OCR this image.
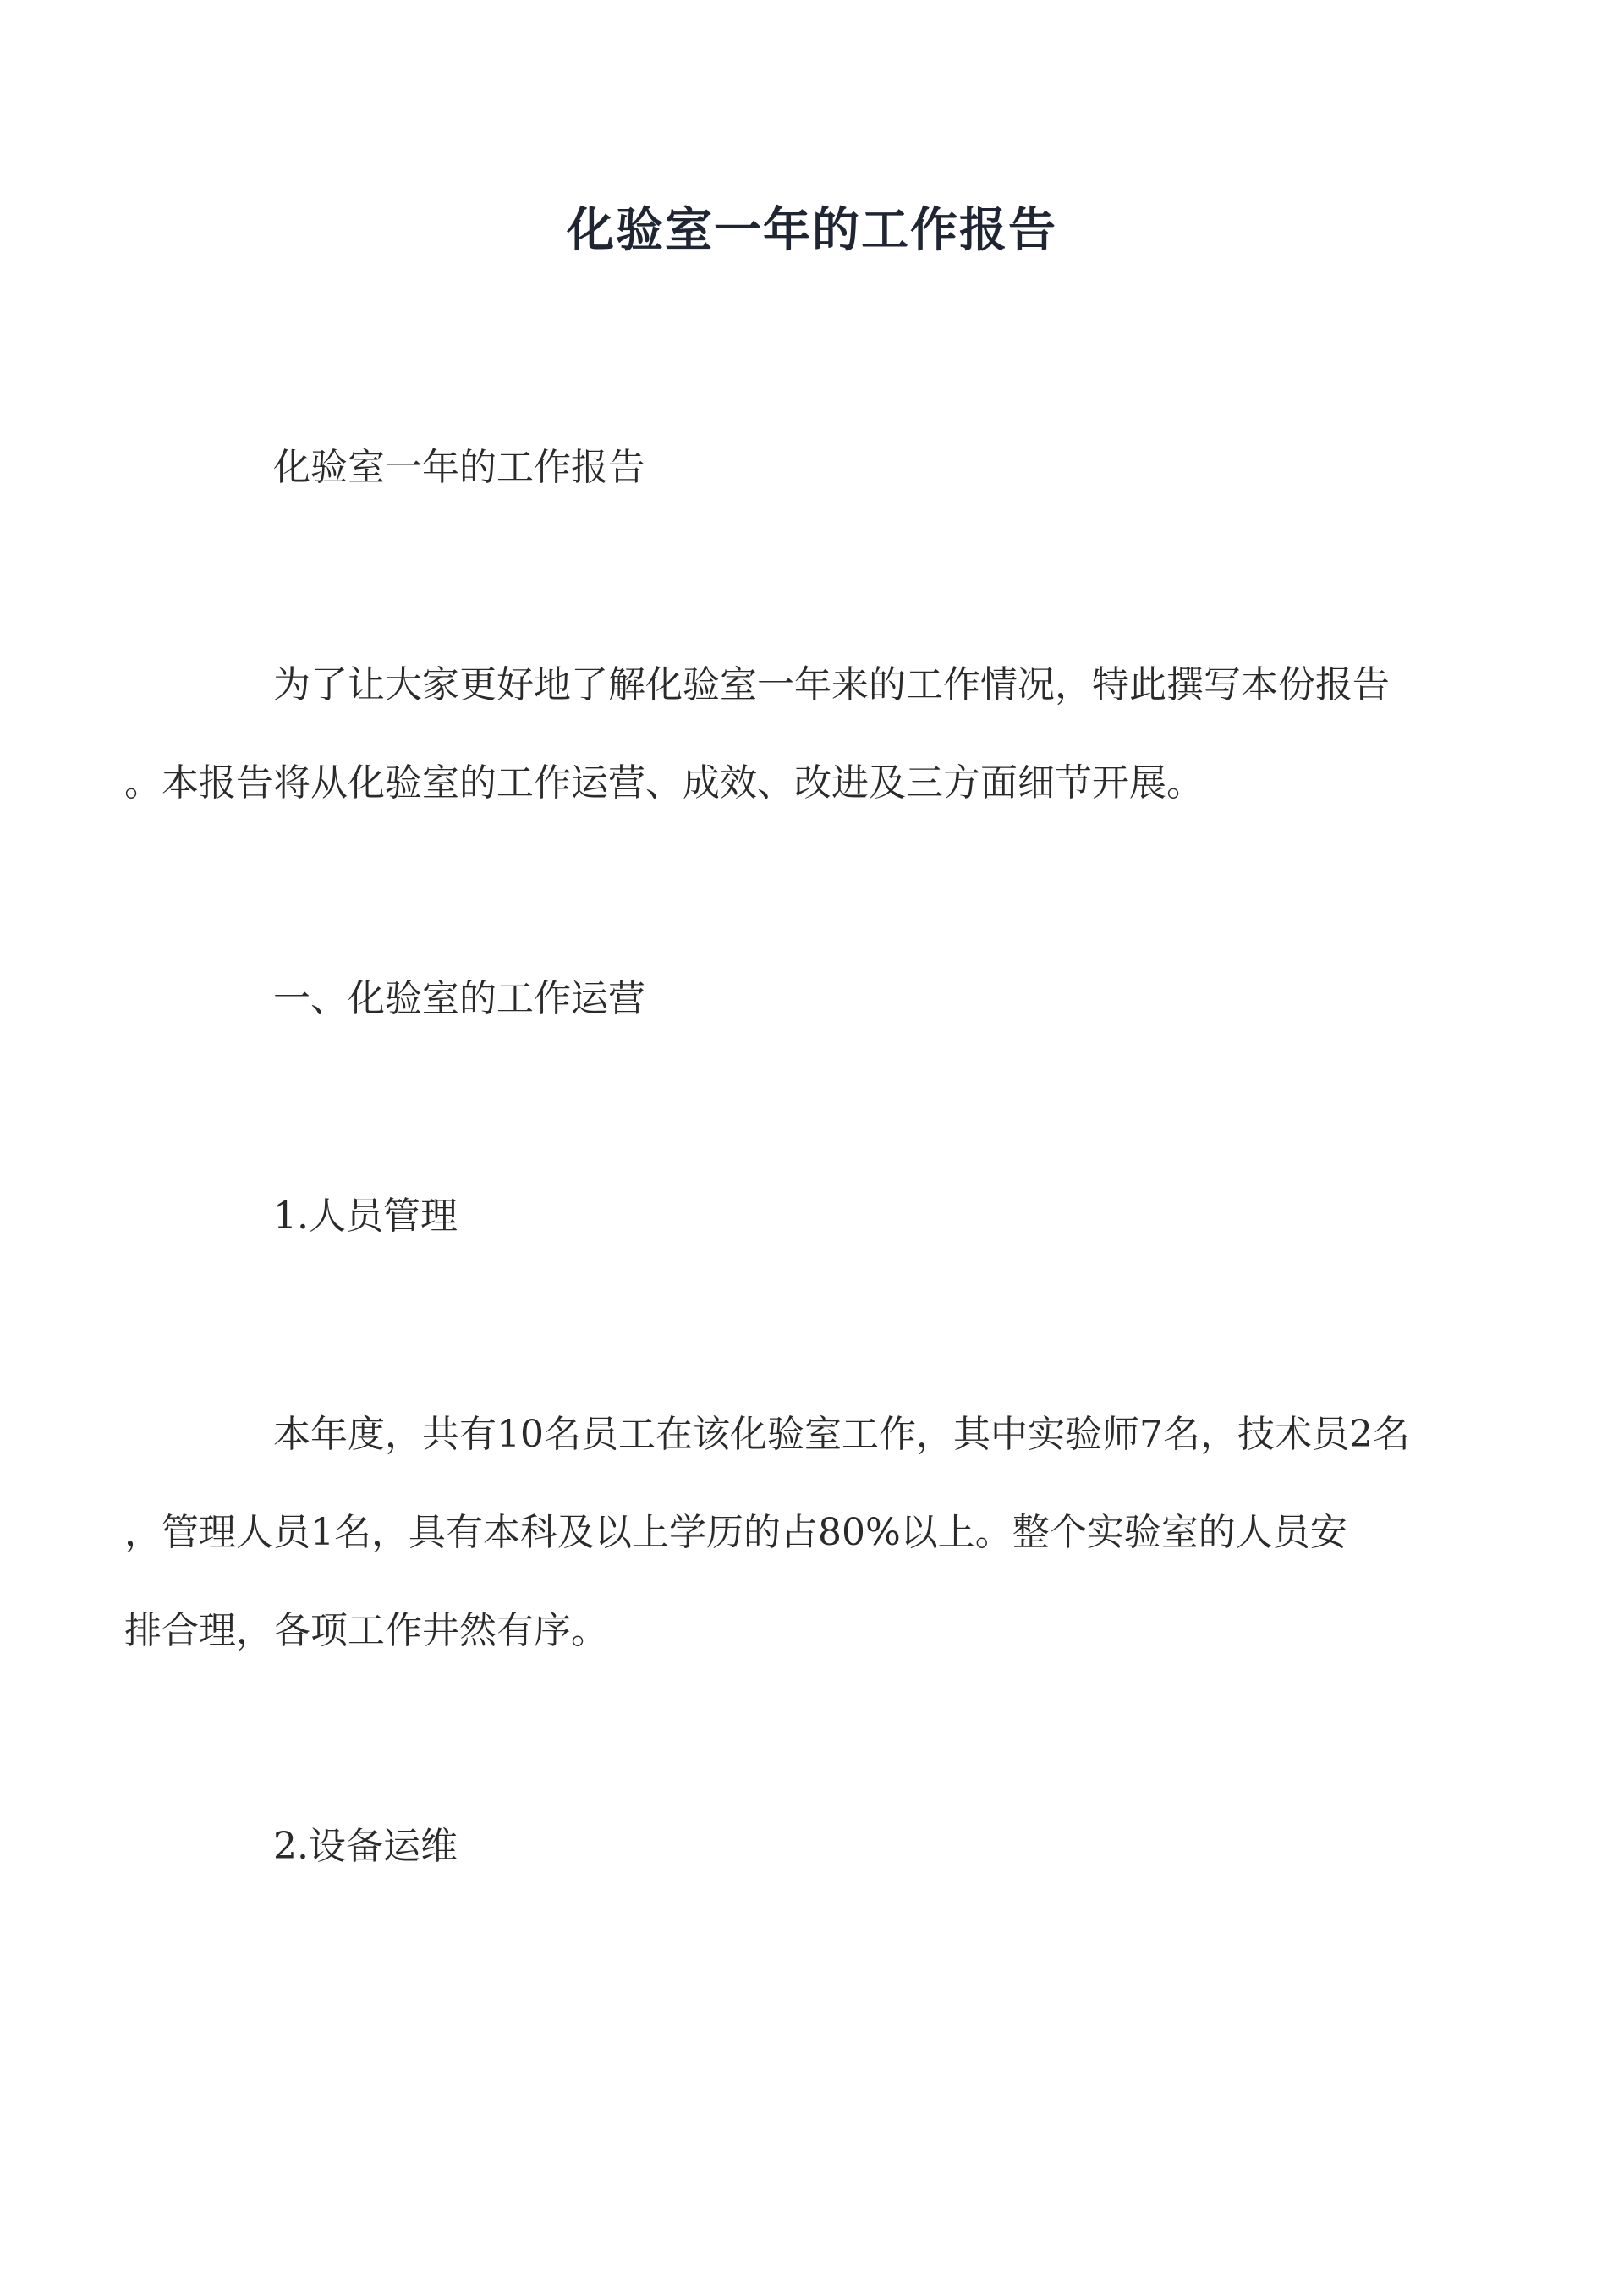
化验室一年的工作报告
化验室一年的工作报告
为了让大家更好地了解化验室一年来的工作情况，特此撰写本份报告
。本报告将从化验室的工作运营、成效、改进及三方面细节开展。
一、化验室的工作运营
1.人员管理
本年度，共有10名员工在该化验室工作，其中实验师7名，技术员2名
，管理人员1名，具有本科及以上学历的占80%以上。整个实验室的人员安
排合理，各项工作井然有序。
2.设备运维
